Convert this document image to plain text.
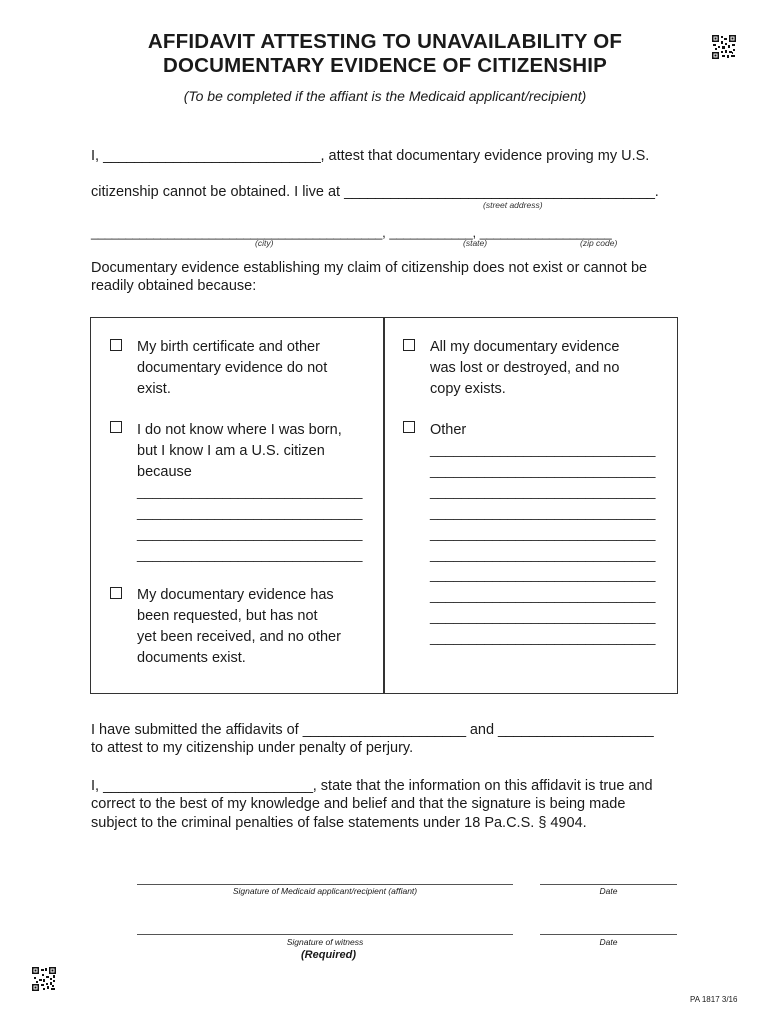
AFFIDAVIT ATTESTING TO UNAVAILABILITY OF
DOCUMENTARY EVIDENCE OF CITIZENSHIP
(To be completed if the affiant is the Medicaid applicant/recipient)
I, ____________________________, attest that documentary evidence proving my U.S.
citizenship cannot be obtained. I live at ________________________________________.
(street address)
__________________________________________, ____________, ___________________
(city)	(state)	(zip code)
Documentary evidence establishing my claim of citizenship does not exist or cannot be
readily obtained because:
My birth certificate and other
documentary evidence do not
exist.
I do not know where I was born,
but I know I am a U.S. citizen
because
_____________________________
_____________________________
_____________________________
_____________________________
My documentary evidence has
been requested, but has not
yet been received, and no other
documents exist.
All my documentary evidence
was lost or destroyed, and no
copy exists.
Other
_____________________________
_____________________________
_____________________________
_____________________________
_____________________________
_____________________________
_____________________________
_____________________________
_____________________________
_____________________________
I have submitted the affidavits of _____________________ and ____________________
to attest to my citizenship under penalty of perjury.
I, ___________________________, state that the information on this affidavit is true and
correct to the best of my knowledge and belief and that the signature is being made
subject to the criminal penalties of false statements under 18 Pa.C.S. § 4904.
Signature of Medicaid applicant/recipient (affiant)	Date
Signature of witness	Date
(Required)
PA 1817 3/16
